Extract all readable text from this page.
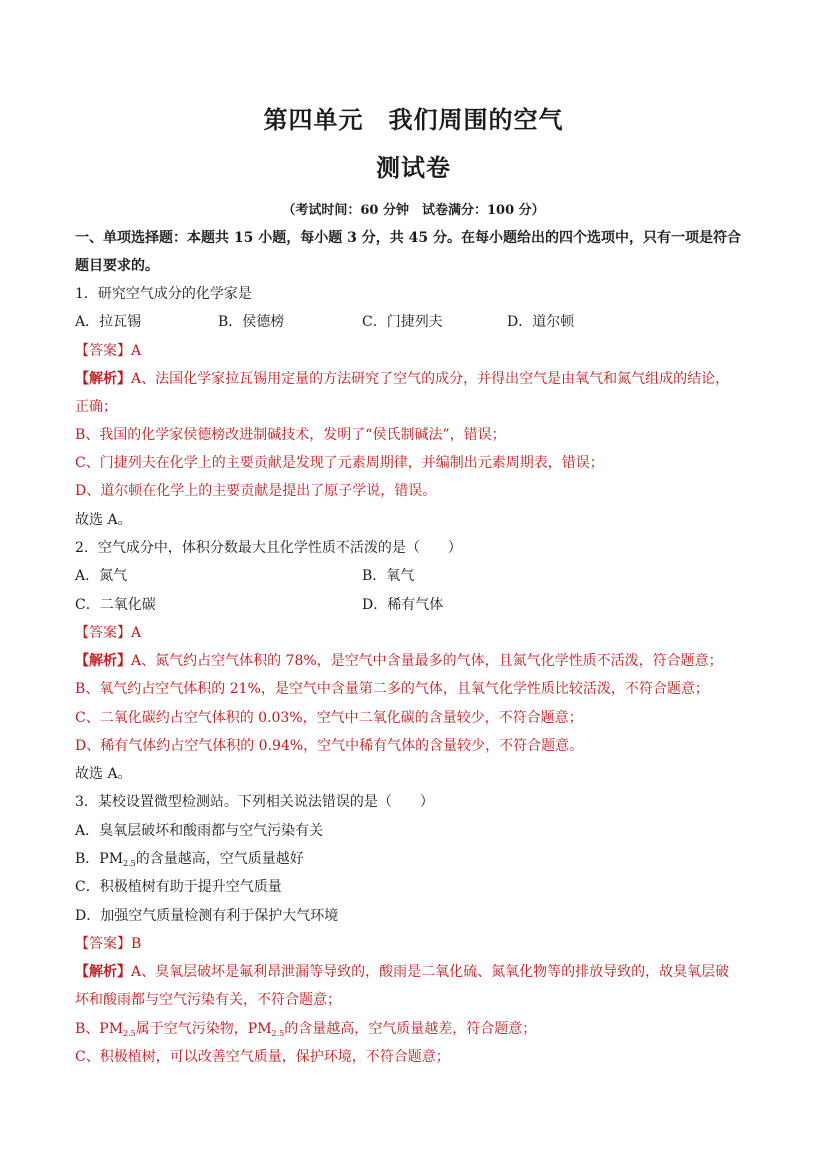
第四单元　我们周围的空气
测试卷
（考试时间：60 分钟　试卷满分：100 分）
一、单项选择题：本题共 15 小题，每小题 3 分，共 45 分。在每小题给出的四个选项中，只有一项是符合
题目要求的。
1．研究空气成分的化学家是
A．拉瓦锡	B．侯德榜	C．门捷列夫	D．道尔顿
【答案】A
【解析】A、法国化学家拉瓦锡用定量的方法研究了空气的成分，并得出空气是由氧气和氮气组成的结论，
正确；
B、我国的化学家侯德榜改进制碱技术，发明了“侯氏制碱法”，错误；
C、门捷列夫在化学上的主要贡献是发现了元素周期律，并编制出元素周期表，错误；
D、道尔顿在化学上的主要贡献是提出了原子学说，错误。
故选 A。
2．空气成分中，体积分数最大且化学性质不活泼的是（　　）
A．氮气	B．氧气
C．二氧化碳	D．稀有气体
【答案】A
【解析】A、氮气约占空气体积的 78%，是空气中含量最多的气体，且氮气化学性质不活泼，符合题意；
B、氧气约占空气体积的 21%，是空气中含量第二多的气体，且氧气化学性质比较活泼，不符合题意；
C、二氧化碳约占空气体积的 0.03%，空气中二氧化碳的含量较少，不符合题意；
D、稀有气体约占空气体积的 0.94%，空气中稀有气体的含量较少，不符合题意。
故选 A。
3．某校设置微型检测站。下列相关说法错误的是（　　）
A．臭氧层破坏和酸雨都与空气污染有关
B．$PM_{2.5}$的含量越高，空气质量越好
C．积极植树有助于提升空气质量
D．加强空气质量检测有利于保护大气环境
【答案】B
【解析】A、臭氧层破坏是氟利昂泄漏等导致的，酸雨是二氧化硫、氮氧化物等的排放导致的，故臭氧层破
坏和酸雨都与空气污染有关，不符合题意；
B、$PM_{2.5}$属于空气污染物，$PM_{2.5}$的含量越高，空气质量越差，符合题意；
C、积极植树，可以改善空气质量，保护环境，不符合题意；
